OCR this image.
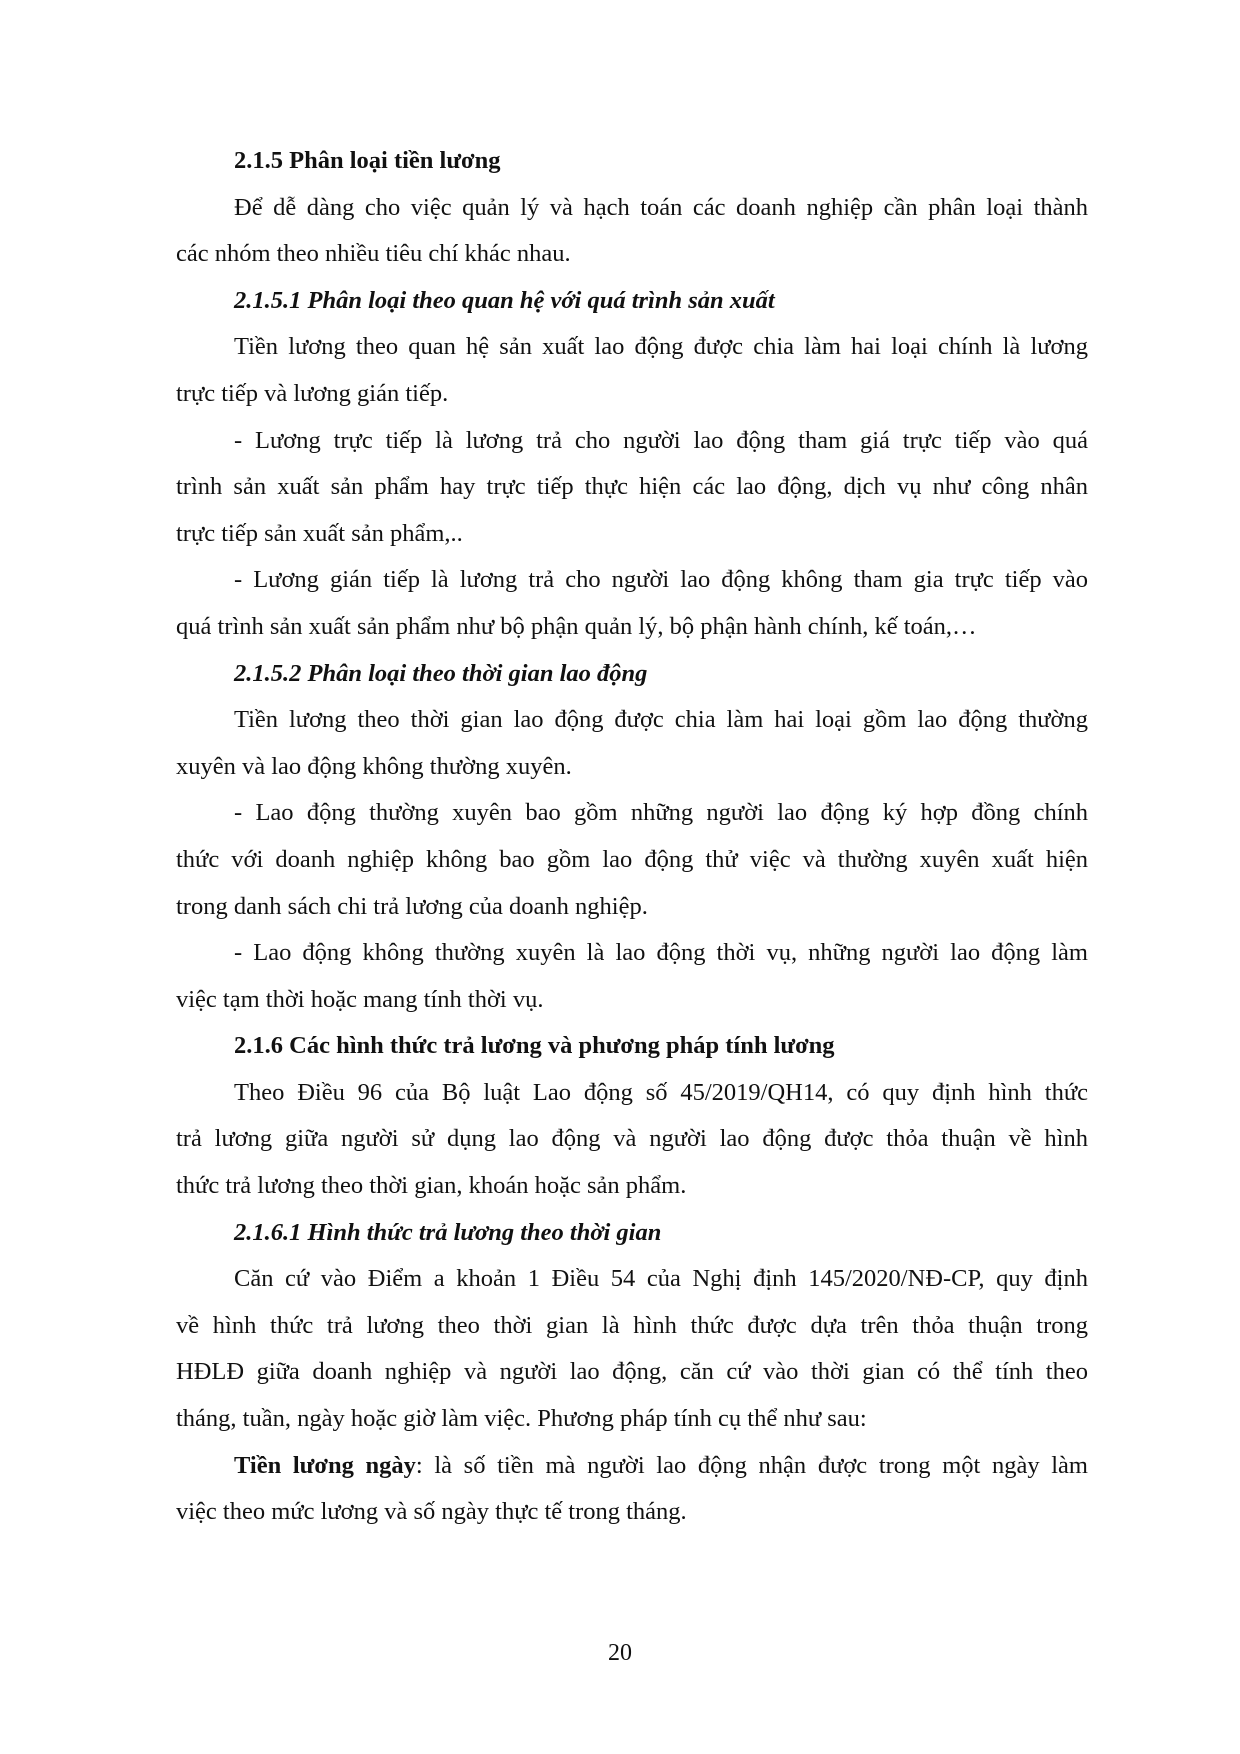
2.1.5 Phân loại tiền lương

Để dễ dàng cho việc quản lý và hạch toán các doanh nghiệp cần phân loại thành

các nhóm theo nhiều tiêu chí khác nhau.

2.1.5.1 Phân loại theo quan hệ với quá trình sản xuất

Tiền lương theo quan hệ sản xuất lao động được chia làm hai loại chính là lương

trực tiếp và lương gián tiếp.

- Lương trực tiếp là lương trả cho người lao động tham giá trực tiếp vào quá

trình sản xuất sản phẩm hay trực tiếp thực hiện các lao động, dịch vụ như công nhân

trực tiếp sản xuất sản phẩm,..

- Lương gián tiếp là lương trả cho người lao động không tham gia trực tiếp vào

quá trình sản xuất sản phẩm như bộ phận quản lý, bộ phận hành chính, kế toán,…

2.1.5.2 Phân loại theo thời gian lao động

Tiền lương theo thời gian lao động được chia làm hai loại gồm lao động thường

xuyên và lao động không thường xuyên.

- Lao động thường xuyên bao gồm những người lao động ký hợp đồng chính

thức với doanh nghiệp không bao gồm lao động thử việc và thường xuyên xuất hiện

trong danh sách chi trả lương của doanh nghiệp.

- Lao động không thường xuyên là lao động thời vụ, những người lao động làm

việc tạm thời hoặc mang tính thời vụ.

2.1.6 Các hình thức trả lương và phương pháp tính lương

Theo Điều 96 của Bộ luật Lao động số 45/2019/QH14, có quy định hình thức

trả lương giữa người sử dụng lao động và người lao động được thỏa thuận về hình

thức trả lương theo thời gian, khoán hoặc sản phẩm.

2.1.6.1 Hình thức trả lương theo thời gian

Căn cứ vào Điểm a khoản 1 Điều 54 của Nghị định 145/2020/NĐ-CP, quy định

về hình thức trả lương theo thời gian là hình thức được dựa trên thỏa thuận trong

HĐLĐ giữa doanh nghiệp và người lao động, căn cứ vào thời gian có thể tính theo

tháng, tuần, ngày hoặc giờ làm việc. Phương pháp tính cụ thể như sau:

Tiền lương ngày: là số tiền mà người lao động nhận được trong một ngày làm

việc theo mức lương và số ngày thực tế trong tháng.

20
